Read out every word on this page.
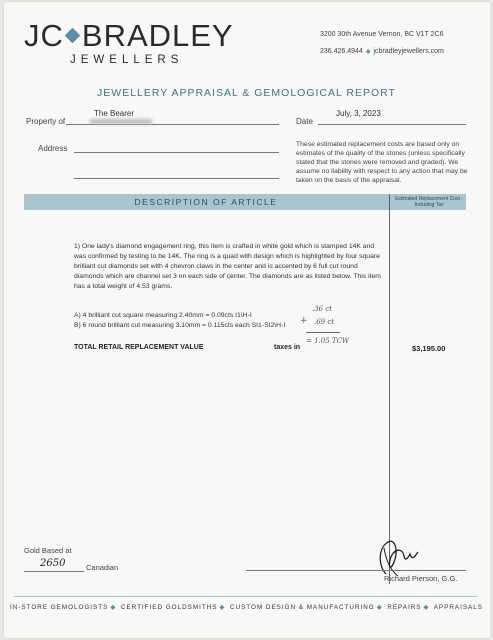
JC BRADLEY
JEWELLERS
3200 30th Avenue Vernon, BC V1T 2C6
236.426.4944 ◆ jcbradleyjewellers.com
JEWELLERY APPRAISAL & GEMOLOGICAL REPORT
Property of
The Bearer
Date
July, 3, 2023
Address	These estimated replacement costs are based only on estimates of the quality of the stones (unless specifically stated that the stones were removed and graded). We assume no liability with respect to any action that may be taken on the basis of the appraisal.
DESCRIPTION OF ARTICLE	Estimated Replacement Cost - Including Tax
1) One lady's diamond engagement ring, this item is crafted in white gold which is stamped 14K and was confirmed by testing to be 14K. The ring is a quad with design which is highlighted by four square brilliant cut diamonds set with 4 chevron claws in the center and is accented by 6 full cut round diamonds which are channel set 3 on each side of center. The diamonds are as listed below. This item has a total weight of 4.53 grams.
A) 4 brilliant cut square measuring 2.40mm = 0.09cts I1\H-I
B) 6 round brilliant cut measuring 3.10mm = 0.115cts each SI1-SI2\H-I
.36 ct
+ .69 ct
= 1.05 TCW
TOTAL RETAIL REPLACEMENT VALUE	taxes in	$3,195.00
Gold Based at
2650	Canadian
Richard Pierson, G.G.
IN-STORE GEMOLOGISTS ◆ CERTIFIED GOLDSMITHS ◆ CUSTOM DESIGN & MANUFACTURING ◆ REPAIRS ◆ APPRAISALS
